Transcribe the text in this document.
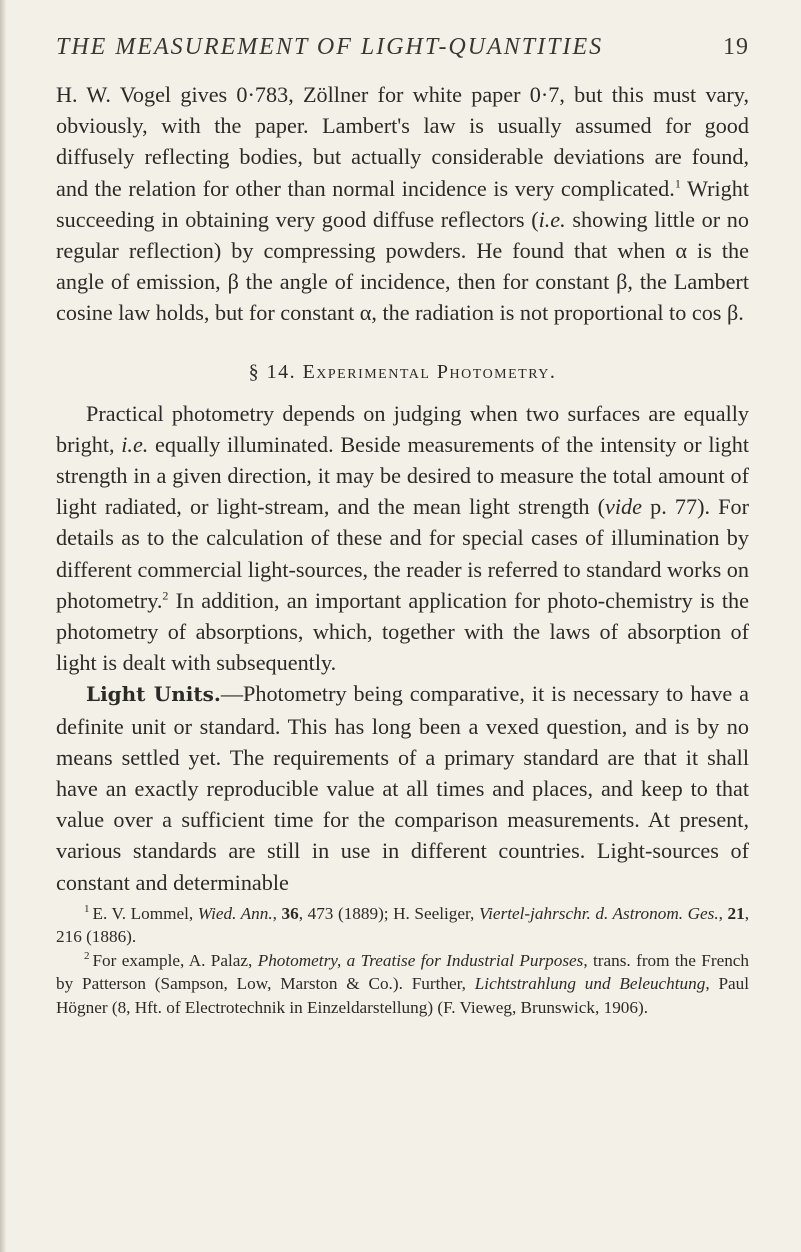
THE MEASUREMENT OF LIGHT-QUANTITIES	19

H. W. Vogel gives 0·783, Zöllner for white paper 0·7, but this must vary, obviously, with the paper. Lambert's law is usually assumed for good diffusely reflecting bodies, but actually considerable deviations are found, and the relation for other than normal incidence is very complicated.$^1$ Wright succeeding in obtaining very good diffuse reflectors (i.e. showing little or no regular reflection) by compressing powders. He found that when α is the angle of emission, β the angle of incidence, then for constant β, the Lambert cosine law holds, but for constant α, the radiation is not proportional to cos β.

§ 14. Experimental Photometry.

Practical photometry depends on judging when two surfaces are equally bright, i.e. equally illuminated. Beside measurements of the intensity or light strength in a given direction, it may be desired to measure the total amount of light radiated, or light-stream, and the mean light strength (vide p. 77). For details as to the calculation of these and for special cases of illumination by different commercial light-sources, the reader is referred to standard works on photometry.$^2$ In addition, an important application for photo-chemistry is the photometry of absorptions, which, together with the laws of absorption of light is dealt with subsequently.

Light Units.—Photometry being comparative, it is necessary to have a definite unit or standard. This has long been a vexed question, and is by no means settled yet. The requirements of a primary standard are that it shall have an exactly reproducible value at all times and places, and keep to that value over a sufficient time for the comparison measurements. At present, various standards are still in use in different countries. Light-sources of constant and determinable

$^1$ E. V. Lommel, Wied. Ann., 36, 473 (1889); H. Seeliger, Viertel-jahrschr. d. Astronom. Ges., 21, 216 (1886).

$^2$ For example, A. Palaz, Photometry, a Treatise for Industrial Purposes, trans. from the French by Patterson (Sampson, Low, Marston & Co.). Further, Lichtstrahlung und Beleuchtung, Paul Högner (8, Hft. of Electrotechnik in Einzeldarstellung) (F. Vieweg, Brunswick, 1906).
